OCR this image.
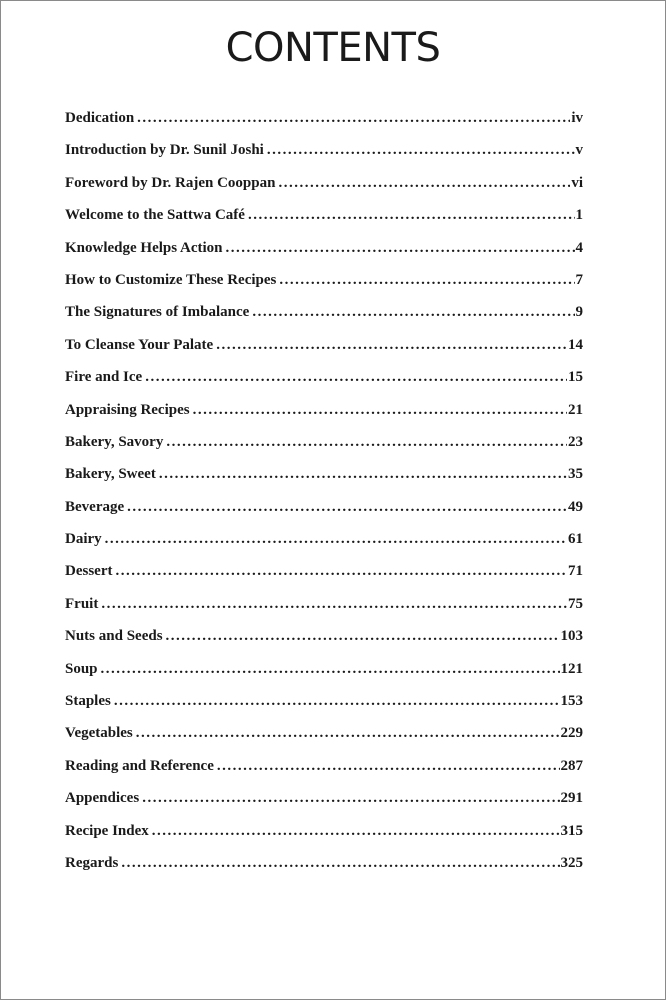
CONTENTS
Dedication .....	iv
Introduction by Dr. Sunil Joshi .....	v
Foreword by Dr. Rajen Cooppan .....	vi
Welcome to the Sattwa Café .....	1
Knowledge Helps Action .....	4
How to Customize These Recipes .....	7
The Signatures of Imbalance .....	9
To Cleanse Your Palate .....	14
Fire and Ice .....	15
Appraising Recipes .....	21
Bakery, Savory .....	23
Bakery, Sweet .....	35
Beverage .....	49
Dairy .....	61
Dessert .....	71
Fruit .....	75
Nuts and Seeds .....	103
Soup .....	121
Staples .....	153
Vegetables .....	229
Reading and Reference .....	287
Appendices .....	291
Recipe Index .....	315
Regards .....	325
